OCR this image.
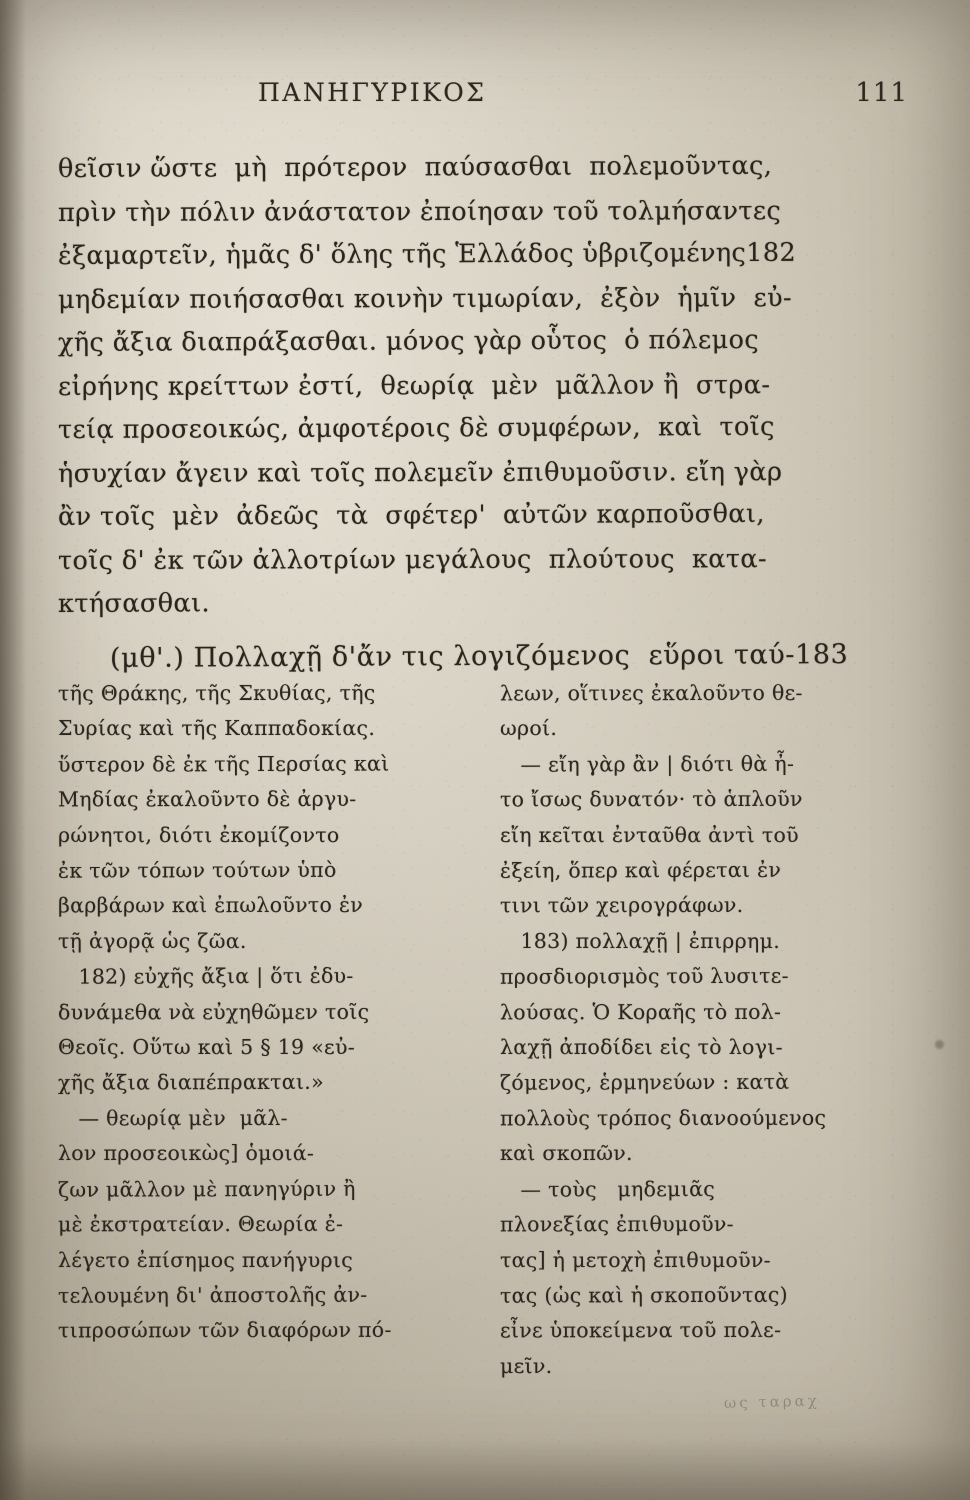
ΠΑΝΗΓΥΡΙΚΟΣ	111
θεῖσιν ὥστε  μὴ  πρότερον  παύσασθαι  πολεμοῦντας,
πρὶν τὴν πόλιν ἀνάστατον ἐποίησαν τοῦ τολμήσαντες
ἐξαμαρτεῖν, ἡμᾶς δ' ὅλης τῆς Ἑλλάδος ὑβριζομένης182
μηδεμίαν ποιήσασθαι κοινὴν τιμωρίαν,  ἐξὸν  ἡμῖν  εὐ-
χῆς ἄξια διαπράξασθαι. μόνος γὰρ οὗτος  ὁ πόλεμος
εἰρήνης κρείττων ἐστί,  θεωρίᾳ  μὲν  μᾶλλον ἢ  στρα-
τείᾳ προσεοικώς, ἀμφοτέροις δὲ συμφέρων,  καὶ  τοῖς
ἡσυχίαν ἄγειν καὶ τοῖς πολεμεῖν ἐπιθυμοῦσιν. εἴη γὰρ
ἂν τοῖς  μὲν  ἀδεῶς  τὰ  σφέτερ'  αὐτῶν καρποῦσθαι,
τοῖς δ' ἐκ τῶν ἀλλοτρίων μεγάλους  πλούτους  κατα-
κτήσασθαι.
(μθ'.) Πολλαχῇ δ'ἄν τις λογιζόμενος  εὕροι ταύ-183
τῆς Θράκης, τῆς Σκυθίας, τῆς
Συρίας καὶ τῆς Καππαδοκίας.
ὕστερον δὲ ἐκ τῆς Περσίας καὶ
Μηδίας ἐκαλοῦντο δὲ ἀργυ-
ρώνητοι, διότι ἐκομίζοντο
ἐκ τῶν τόπων τούτων ὑπὸ
βαρβάρων καὶ ἐπωλοῦντο ἐν
τῇ ἀγορᾷ ὡς ζῶα.
182) εὐχῆς ἄξια | ὅτι ἐδυ-
δυνάμεθα νὰ εὐχηθῶμεν τοῖς
Θεοῖς. Οὕτω καὶ 5 § 19 «εὐ-
χῆς ἄξια διαπέπρακται.»
— θεωρίᾳ μὲν  μᾶλ-
λον προσεοικὼς] ὁμοιά-
ζων μᾶλλον μὲ πανηγύριν ἢ
μὲ ἐκστρατείαν. Θεωρία ἐ-
λέγετο ἐπίσημος πανήγυρις
τελουμένη δι' ἀποστολῆς ἀν-
τιπροσώπων τῶν διαφόρων πό-
λεων, οἵτινες ἐκαλοῦντο θε-
ωροί.
— εἴη γὰρ ἂν | διότι θὰ ἦ-
το ἴσως δυνατόν· τὸ ἁπλοῦν
εἴη κεῖται ἐνταῦθα ἀντὶ τοῦ
ἐξείη, ὅπερ καὶ φέρεται ἐν
τινι τῶν χειρογράφων.
183) πολλαχῇ | ἐπιρρημ.
προσδιορισμὸς τοῦ λυσιτε-
λούσας. Ὁ Κοραῆς τὸ πολ-
λαχῇ ἀποδίδει εἰς τὸ λογι-
ζόμενος, ἑρμηνεύων : κατὰ
πολλοὺς τρόπος διανοούμενος
καὶ σκοπῶν.
— τοὺς   μηδεμιᾶς
πλονεξίας ἐπιθυμοῦν-
τας] ἡ μετοχὴ ἐπιθυμοῦν-
τας (ὡς καὶ ἡ σκοποῦντας)
εἶνε ὑποκείμενα τοῦ πολε-
μεῖν.
ως ταραχ
